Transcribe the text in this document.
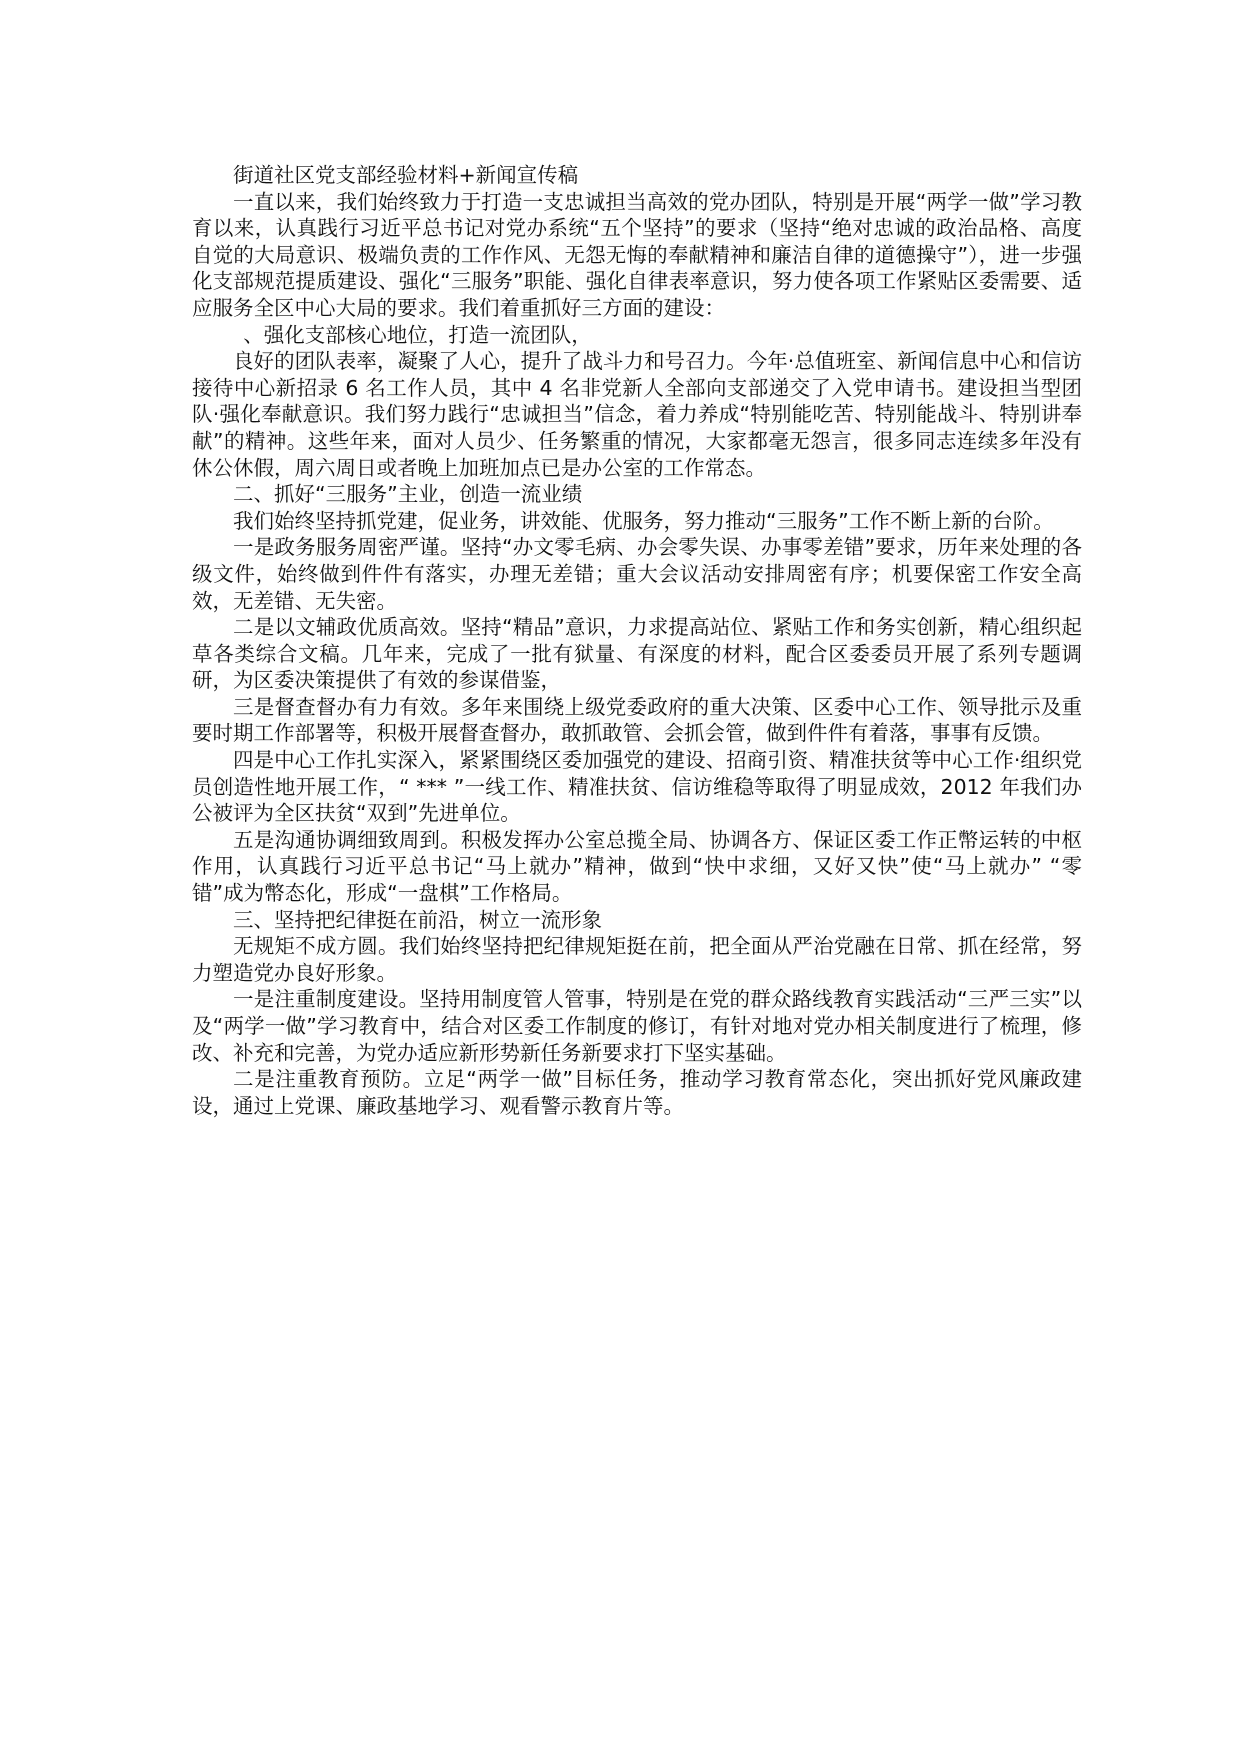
街道社区党支部经验材料+新闻宣传稿

一直以来，我们始终致力于打造一支忠诚担当高效的党办团队，特别是开展“两学一做”学习教育以来，认真践行习近平总书记对党办系统“五个坚持”的要求（坚持“绝对忠诚的政治品格、高度自觉的大局意识、极端负责的工作作风、无怨无悔的奉献精神和廉洁自律的道德操守”），进一步强化支部规范提质建设、强化“三服务”职能、强化自律表率意识，努力使各项工作紧贴区委需要、适应服务全区中心大局的要求。我们着重抓好三方面的建设：

、强化支部核心地位，打造一流团队，

良好的团队表率，凝聚了人心，提升了战斗力和号召力。今年·总值班室、新闻信息中心和信访接待中心新招录 6 名工作人员，其中 4 名非党新人全部向支部递交了入党申请书。建设担当型团队·强化奉献意识。我们努力践行“忠诚担当”信念，着力养成“特别能吃苦、特别能战斗、特别讲奉献”的精神。这些年来，面对人员少、任务繁重的情况，大家都毫无怨言，很多同志连续多年没有休公休假，周六周日或者晚上加班加点已是办公室的工作常态。

二、抓好“三服务”主业，创造一流业绩

我们始终坚持抓党建，促业务，讲效能、优服务，努力推动“三服务”工作不断上新的台阶。

一是政务服务周密严谨。坚持“办文零毛病、办会零失误、办事零差错”要求，历年来处理的各级文件，始终做到件件有落实，办理无差错；重大会议活动安排周密有序；机要保密工作安全高效，无差错、无失密。

二是以文辅政优质高效。坚持“精品”意识，力求提高站位、紧贴工作和务实创新，精心组织起草各类综合文稿。几年来，完成了一批有狱量、有深度的材料，配合区委委员开展了系列专题调研，为区委决策提供了有效的参谋借鉴，

三是督查督办有力有效。多年来围绕上级党委政府的重大决策、区委中心工作、领导批示及重要时期工作部署等，积极开展督查督办，敢抓敢管、会抓会管，做到件件有着落，事事有反馈。

四是中心工作扎实深入，紧紧围绕区委加强党的建设、招商引资、精准扶贫等中心工作·组织党员创造性地开展工作，“ *** ”一线工作、精准扶贫、信访维稳等取得了明显成效，2012 年我们办公被评为全区扶贫“双到”先进单位。

五是沟通协调细致周到。积极发挥办公室总揽全局、协调各方、保证区委工作正幣运转的中枢作用，认真践行习近平总书记“马上就办”精神，做到“快中求细，又好又快”使“马上就办” “零错”成为幣态化，形成“一盘棋”工作格局。

三、坚持把纪律挺在前沿，树立一流形象

无规矩不成方圆。我们始终坚持把纪律规矩挺在前，把全面从严治党融在日常、抓在经常，努力塑造党办良好形象。

一是注重制度建设。坚持用制度管人管事，特别是在党的群众路线教育实践活动“三严三实”以及“两学一做”学习教育中，结合对区委工作制度的修订，有针对地对党办相关制度进行了梳理，修改、补充和完善，为党办适应新形势新任务新要求打下坚实基础。

二是注重教育预防。立足“两学一做”目标任务，推动学习教育常态化，突出抓好党风廉政建设，通过上党课、廉政基地学习、观看警示教育片等。
